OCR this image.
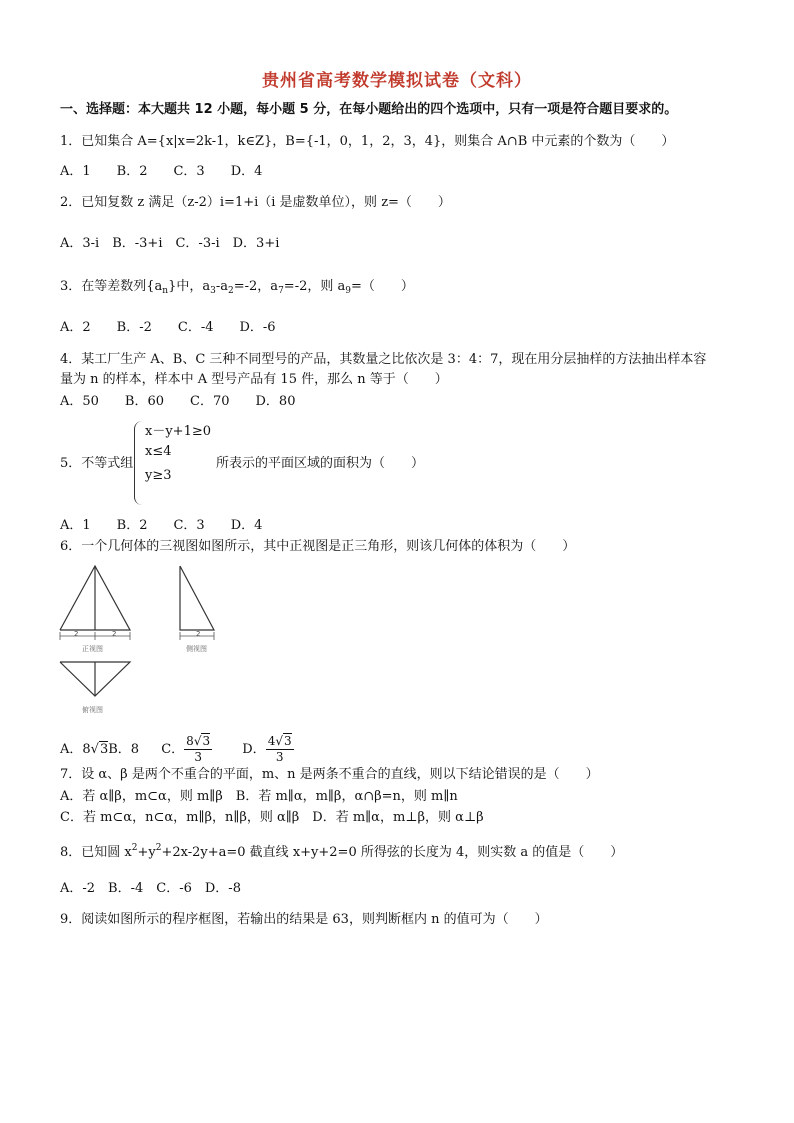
贵州省高考数学模拟试卷（文科）
一、选择题：本大题共 12 小题，每小题 5 分，在每小题给出的四个选项中，只有一项是符合题目要求的。
1．已知集合 A={x|x=2k-1，k∈Z}，B={-1，0，1，2，3，4}，则集合 A∩B 中元素的个数为（　　）
A．1　　B．2　　C．3　　D．4
2．已知复数 z 满足（z-2）i=1+i（i 是虚数单位），则 z=（　　）
A．3-i　B．-3+i　C．-3-i　D．3+i
3．在等差数列$\{a_n\}$中，$a_3-a_2=-2$，$a_7=-2$，则 $a_9=$（　　）
A．2　　B．-2　　C．-4　　D．-6
4．某工厂生产 A、B、C 三种不同型号的产品，其数量之比依次是 3：4：7，现在用分层抽样的方法抽出样本容
量为 n 的样本，样本中 A 型号产品有 15 件，那么 n 等于（　　）
A．50　　B．60　　C．70　　D．80
5．不等式组
x－y+1≥0
x≤4
y≥3
所表示的平面区域的面积为（　　）
A．1　　B．2　　C．3　　D．4
6．一个几何体的三视图如图所示，其中正视图是正三角形，则该几何体的体积为（　　）
2	2
正视图
2
侧视图
俯视图
A．8√3B．8 C． $\frac{8√3}{3}$ D． $\frac{4√3}{3}$
7．设 α、β 是两个不重合的平面，m、n 是两条不重合的直线，则以下结论错误的是（　　）
A．若 α∥β，m⊂α，则 m∥β　B．若 m∥α，m∥β，α∩β=n，则 m∥n
C．若 m⊂α，n⊂α，m∥β，n∥β，则 α∥β　D．若 m∥α，m⊥β，则 α⊥β
8．已知圆 $x^2+y^2+2x-2y+a=0$ 截直线 x+y+2=0 所得弦的长度为 4，则实数 a 的值是（　　）
A．-2　B．-4　C．-6　D．-8
9．阅读如图所示的程序框图，若输出的结果是 63，则判断框内 n 的值可为（　　）
